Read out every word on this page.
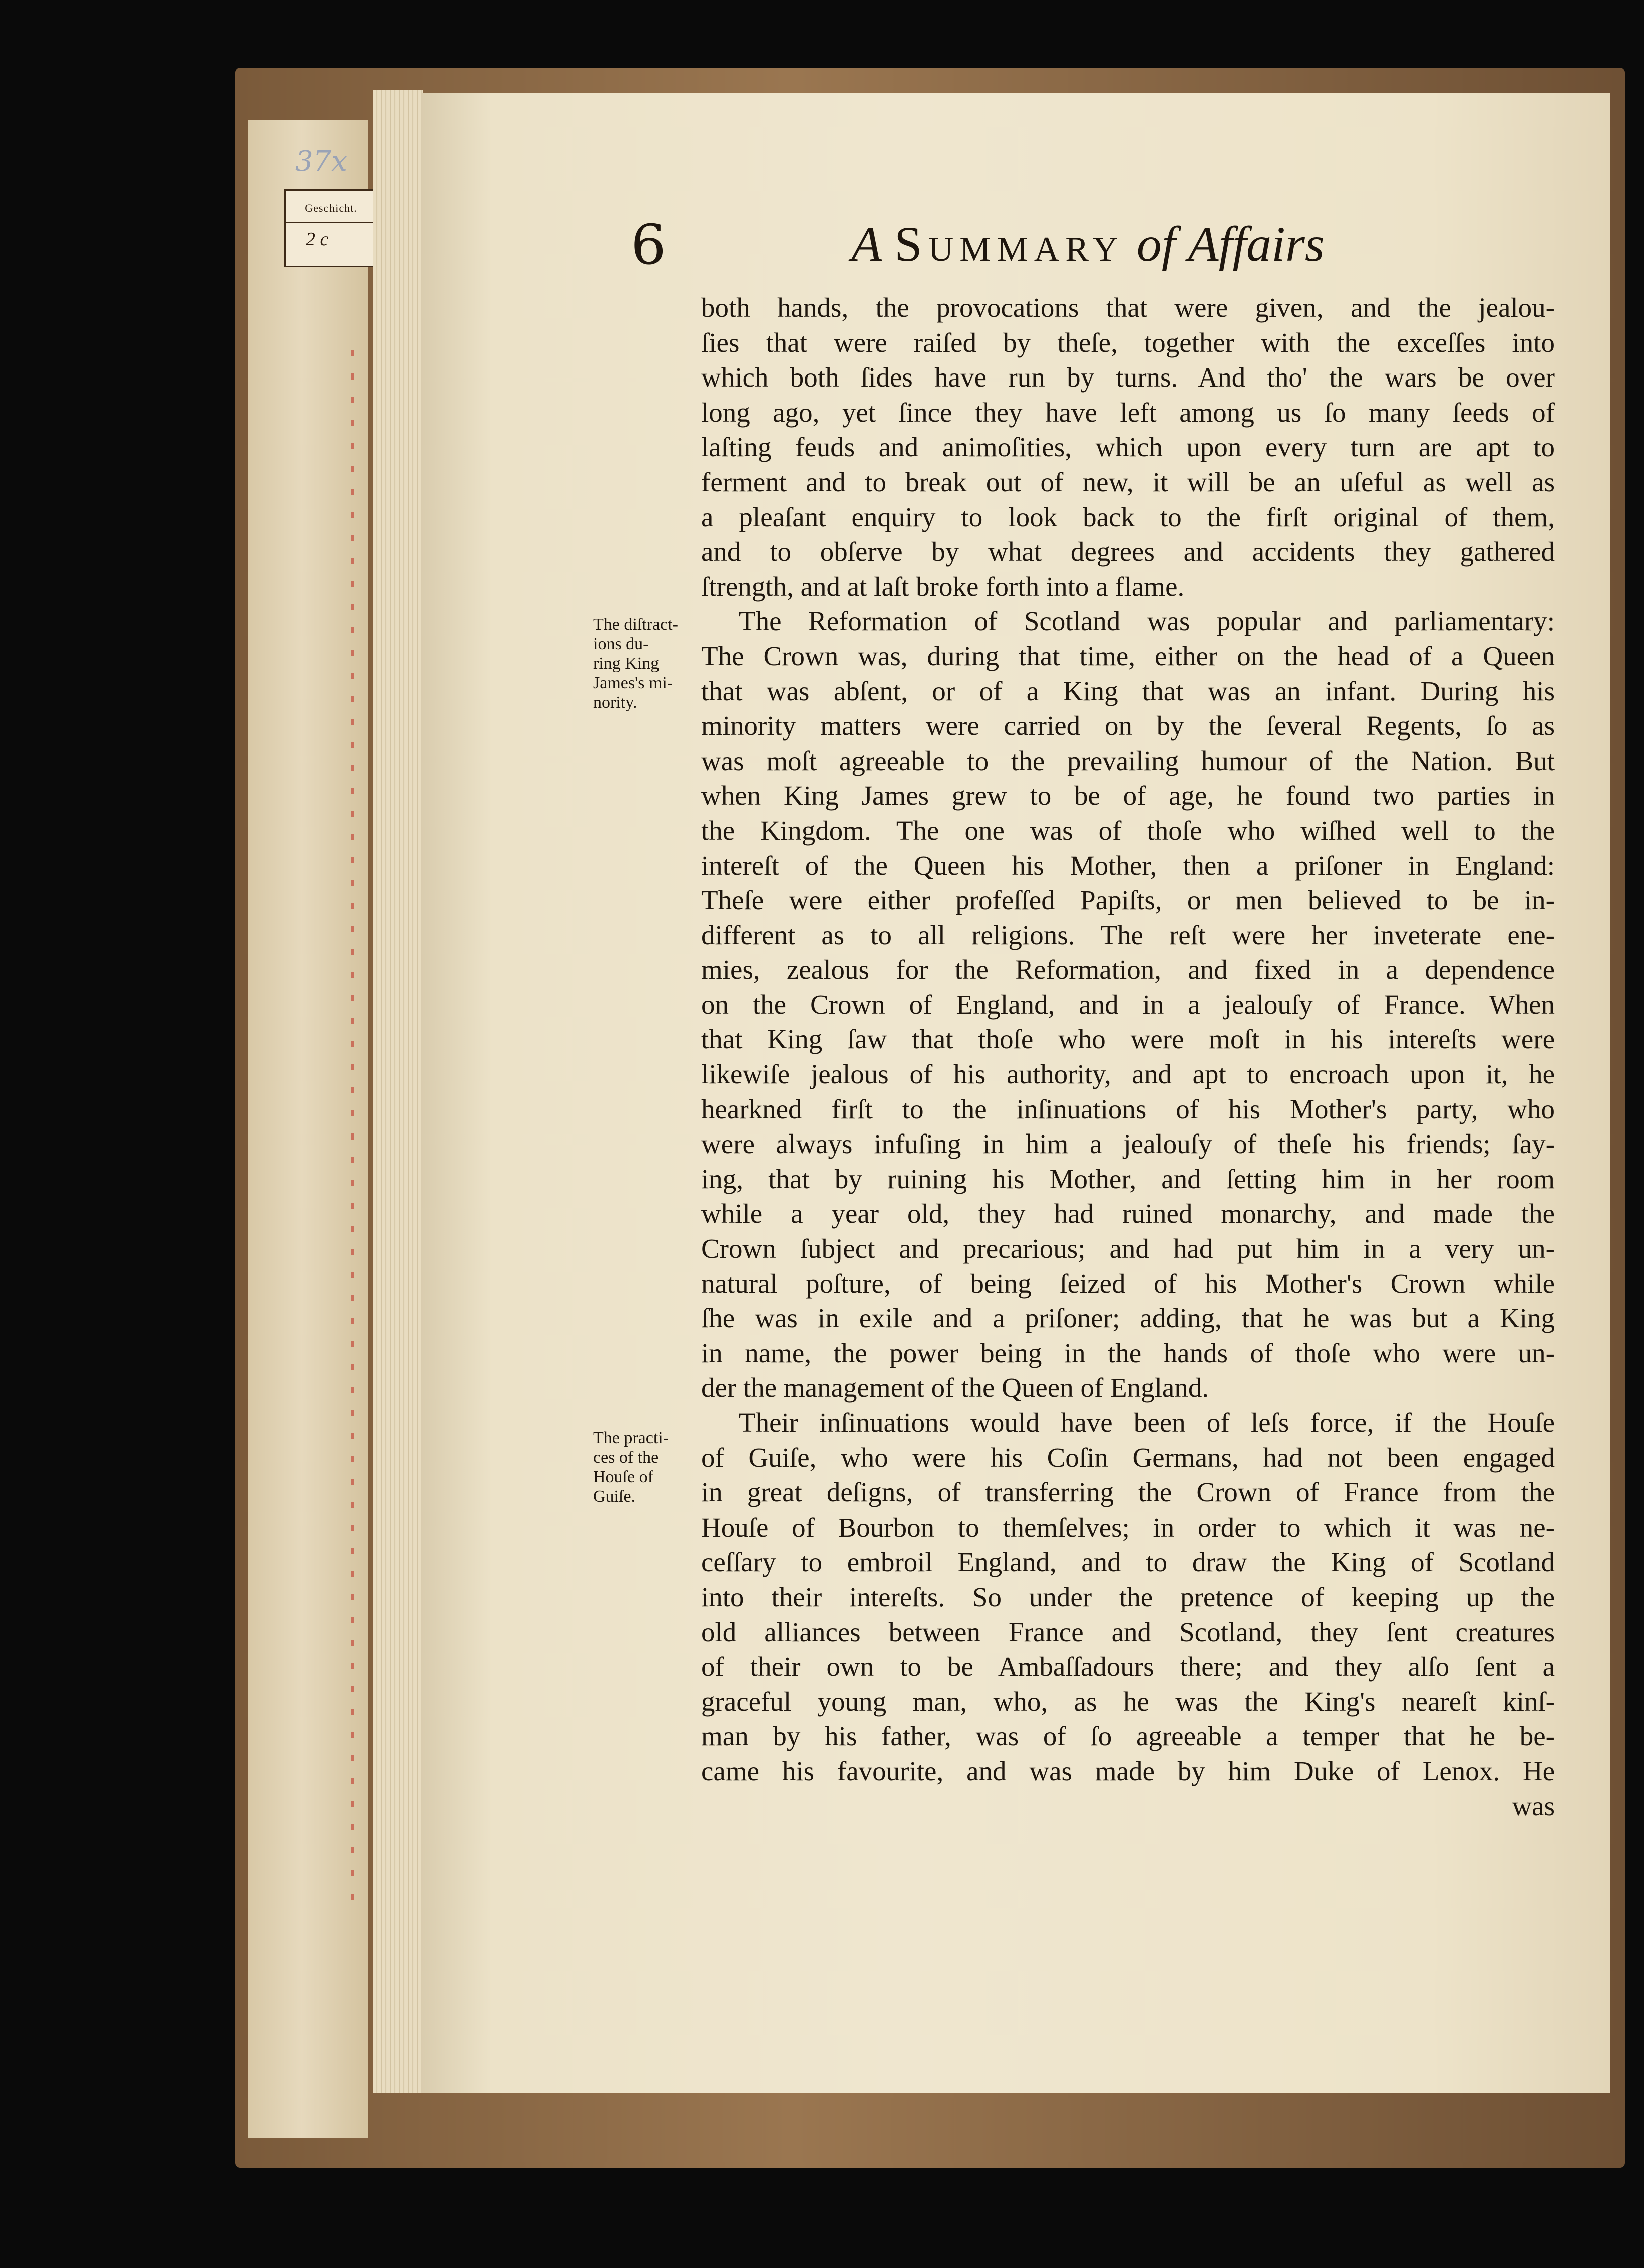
37x
Geschicht.
2 c	6	A Summary of Affairs
The diſtract-
ions du-
ring King
James's mi-
nority.
The practi-
ces of the
Houſe of
Guiſe.
both hands, the provocations that were given, and the jealou-
ſies that were raiſed by theſe, together with the exceſſes into
which both ſides have run by turns. And tho' the wars be over
long ago, yet ſince they have left among us ſo many ſeeds of
laſting feuds and animoſities, which upon every turn are apt to
ferment and to break out of new, it will be an uſeful as well as
a pleaſant enquiry to look back to the firſt original of them,
and to obſerve by what degrees and accidents they gathered
ſtrength, and at laſt broke forth into a flame.
The Reformation of Scotland was popular and parliamentary:
The Crown was, during that time, either on the head of a Queen
that was abſent, or of a King that was an infant. During his
minority matters were carried on by the ſeveral Regents, ſo as
was moſt agreeable to the prevailing humour of the Nation. But
when King James grew to be of age, he found two parties in
the Kingdom. The one was of thoſe who wiſhed well to the
intereſt of the Queen his Mother, then a priſoner in England:
Theſe were either profeſſed Papiſts, or men believed to be in-
different as to all religions. The reſt were her inveterate ene-
mies, zealous for the Reformation, and fixed in a dependence
on the Crown of England, and in a jealouſy of France. When
that King ſaw that thoſe who were moſt in his intereſts were
likewiſe jealous of his authority, and apt to encroach upon it, he
hearkned firſt to the inſinuations of his Mother's party, who
were always infuſing in him a jealouſy of theſe his friends; ſay-
ing, that by ruining his Mother, and ſetting him in her room
while a year old, they had ruined monarchy, and made the
Crown ſubject and precarious; and had put him in a very un-
natural poſture, of being ſeized of his Mother's Crown while
ſhe was in exile and a priſoner; adding, that he was but a King
in name, the power being in the hands of thoſe who were un-
der the management of the Queen of England.
Their inſinuations would have been of leſs force, if the Houſe
of Guiſe, who were his Coſin Germans, had not been engaged
in great deſigns, of transferring the Crown of France from the
Houſe of Bourbon to themſelves; in order to which it was ne-
ceſſary to embroil England, and to draw the King of Scotland
into their intereſts. So under the pretence of keeping up the
old alliances between France and Scotland, they ſent creatures
of their own to be Ambaſſadours there; and they alſo ſent a
graceful young man, who, as he was the King's neareſt kinſ-
man by his father, was of ſo agreeable a temper that he be-
came his favourite, and was made by him Duke of Lenox. He
was
